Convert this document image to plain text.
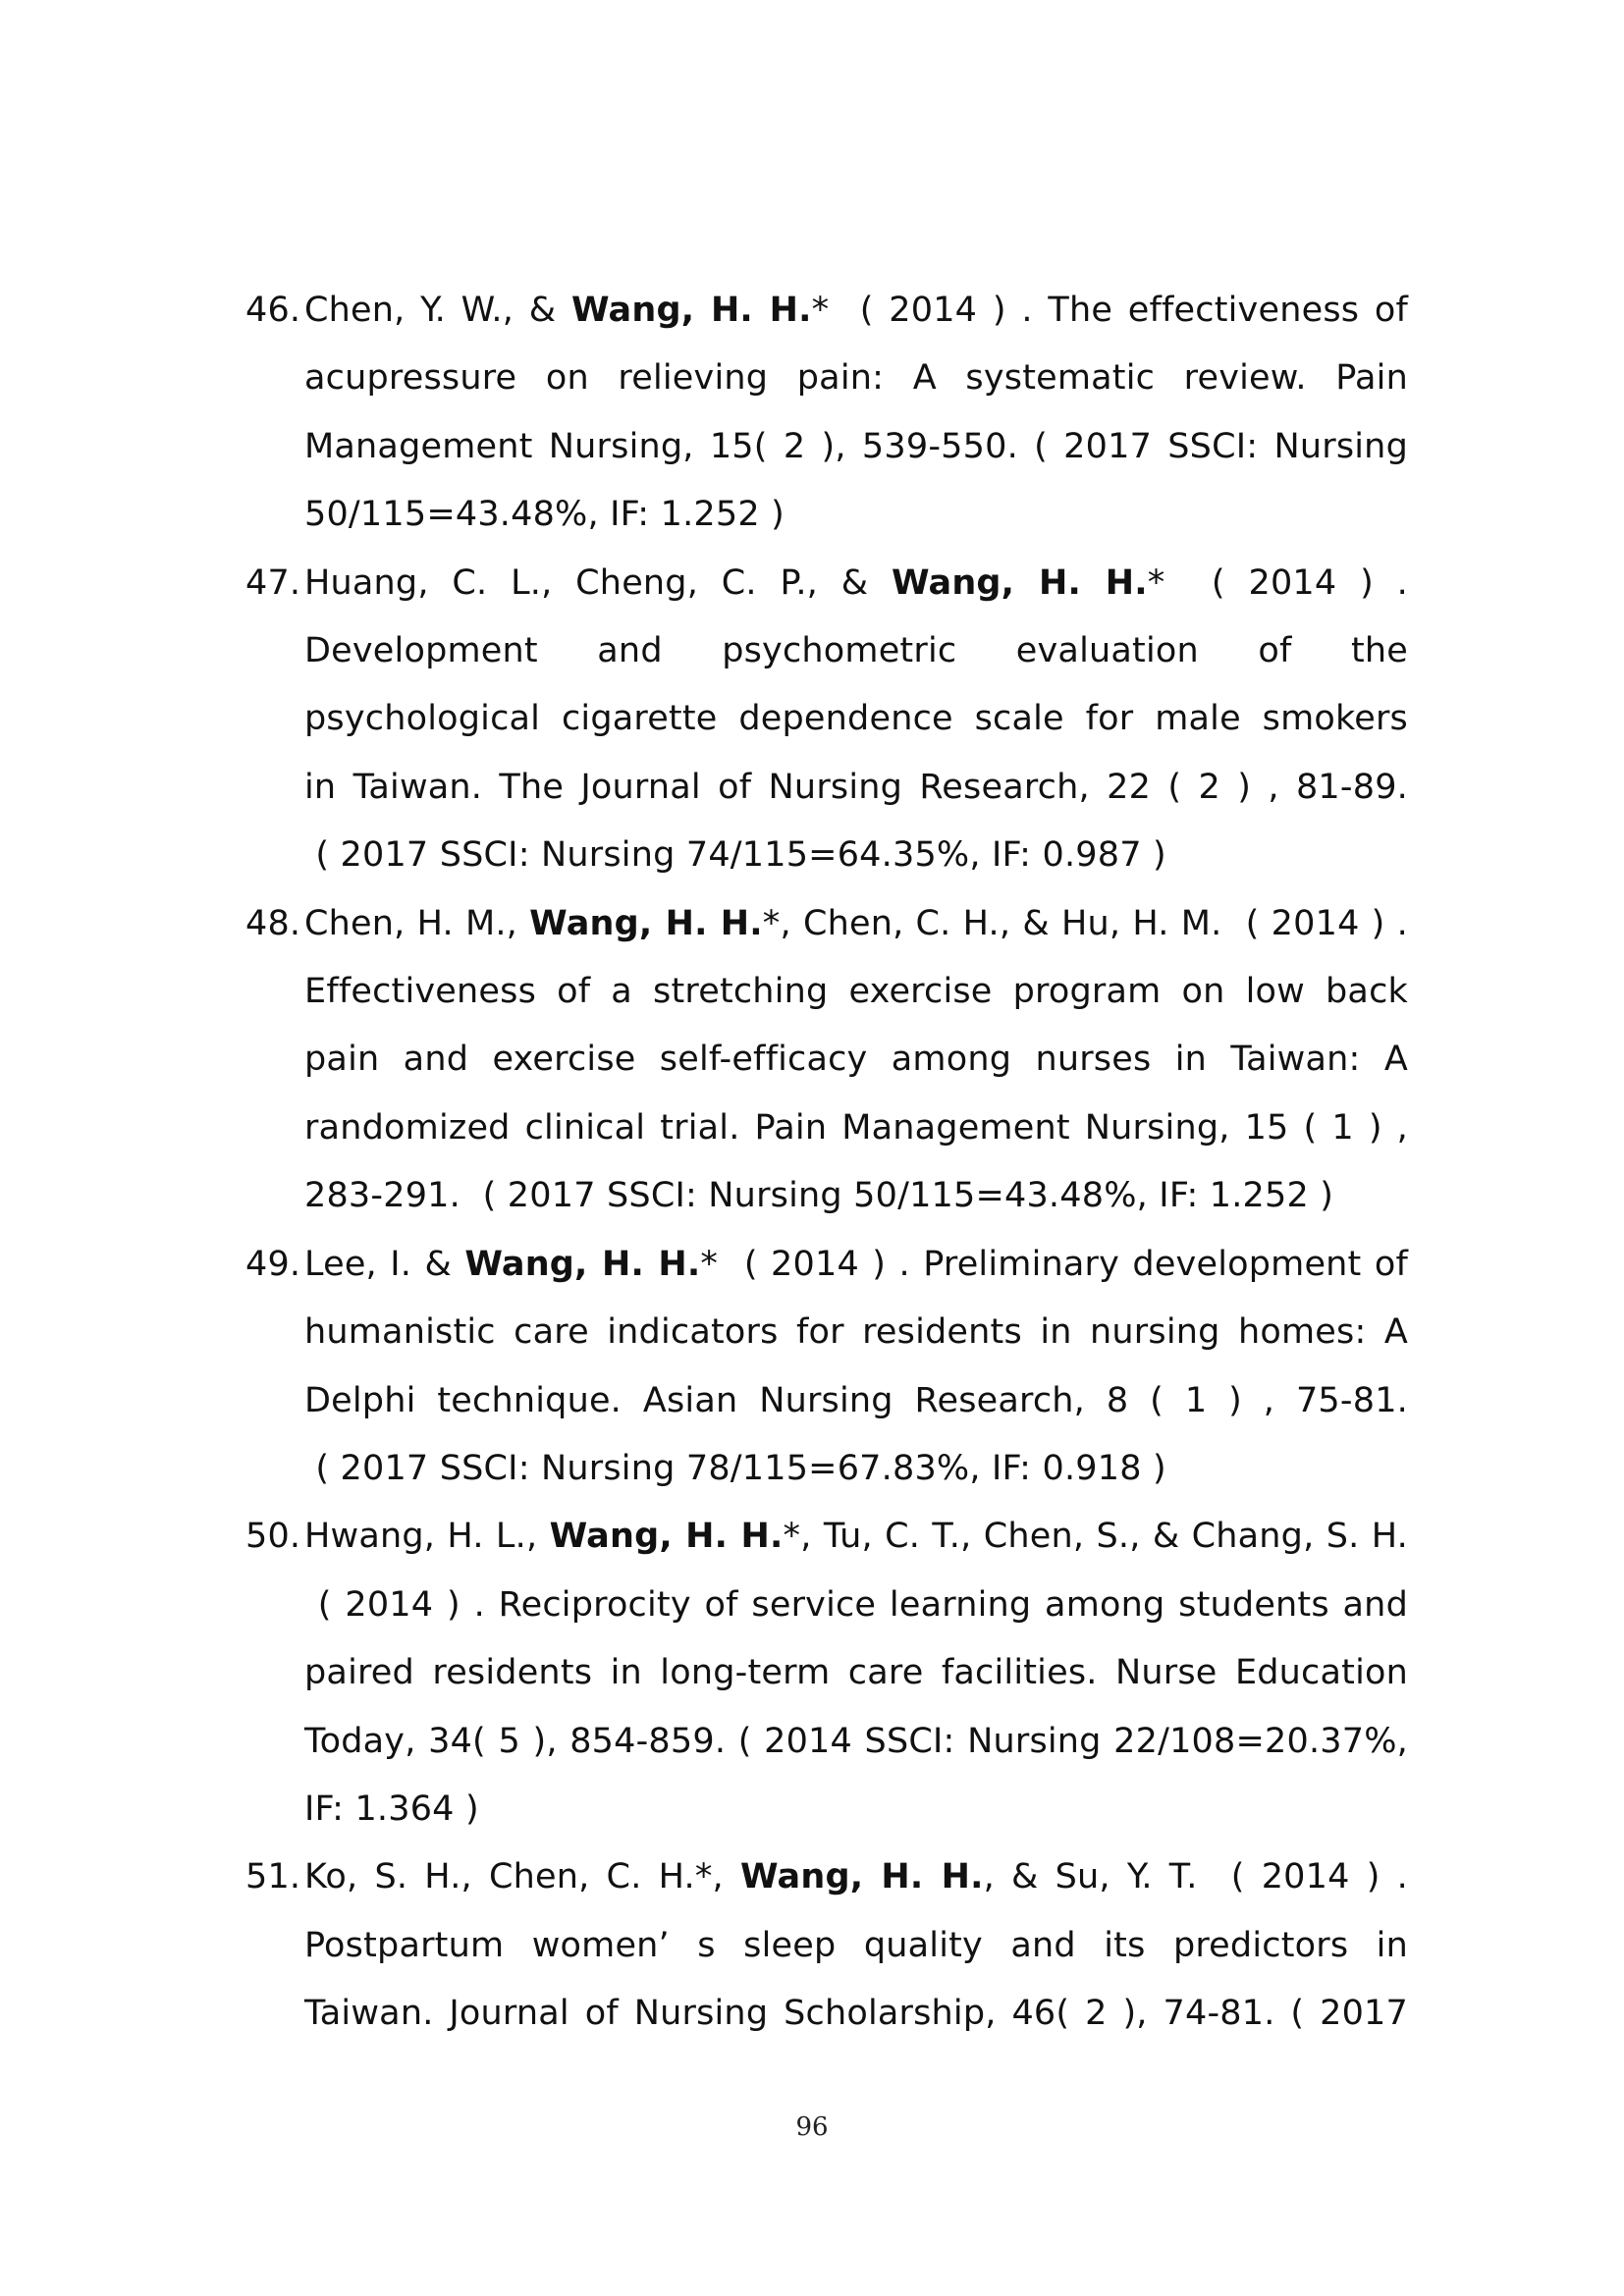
46. Chen, Y. W., & Wang, H. H.*  ( 2014 ) . The effectiveness of
acupressure on relieving pain: A systematic review. Pain
Management Nursing, 15( 2 ), 539-550. ( 2017 SSCI: Nursing
50/115=43.48%, IF: 1.252 )
47. Huang, C. L., Cheng, C. P., & Wang, H. H.*  ( 2014 ) .
Development and psychometric evaluation of the
psychological cigarette dependence scale for male smokers
in Taiwan. The Journal of Nursing Research, 22 ( 2 ) , 81-89.
( 2017 SSCI: Nursing 74/115=64.35%, IF: 0.987 )
48. Chen, H. M., Wang, H. H.*, Chen, C. H., & Hu, H. M.  ( 2014 ) .
Effectiveness of a stretching exercise program on low back
pain and exercise self-efficacy among nurses in Taiwan: A
randomized clinical trial. Pain Management Nursing, 15 ( 1 ) ,
283-291.  ( 2017 SSCI: Nursing 50/115=43.48%, IF: 1.252 )
49. Lee, I. & Wang, H. H.*  ( 2014 ) . Preliminary development of
humanistic care indicators for residents in nursing homes: A
Delphi technique. Asian Nursing Research, 8 ( 1 ) , 75-81.
( 2017 SSCI: Nursing 78/115=67.83%, IF: 0.918 )
50. Hwang, H. L., Wang, H. H.*, Tu, C. T., Chen, S., & Chang, S. H.
( 2014 ) . Reciprocity of service learning among students and
paired residents in long-term care facilities. Nurse Education
Today, 34( 5 ), 854-859. ( 2014 SSCI: Nursing 22/108=20.37%,
IF: 1.364 )
51. Ko, S. H., Chen, C. H.*, Wang, H. H., & Su, Y. T.  ( 2014 ) .
Postpartum women’ s sleep quality and its predictors in
Taiwan. Journal of Nursing Scholarship, 46( 2 ), 74-81. ( 2017
96
